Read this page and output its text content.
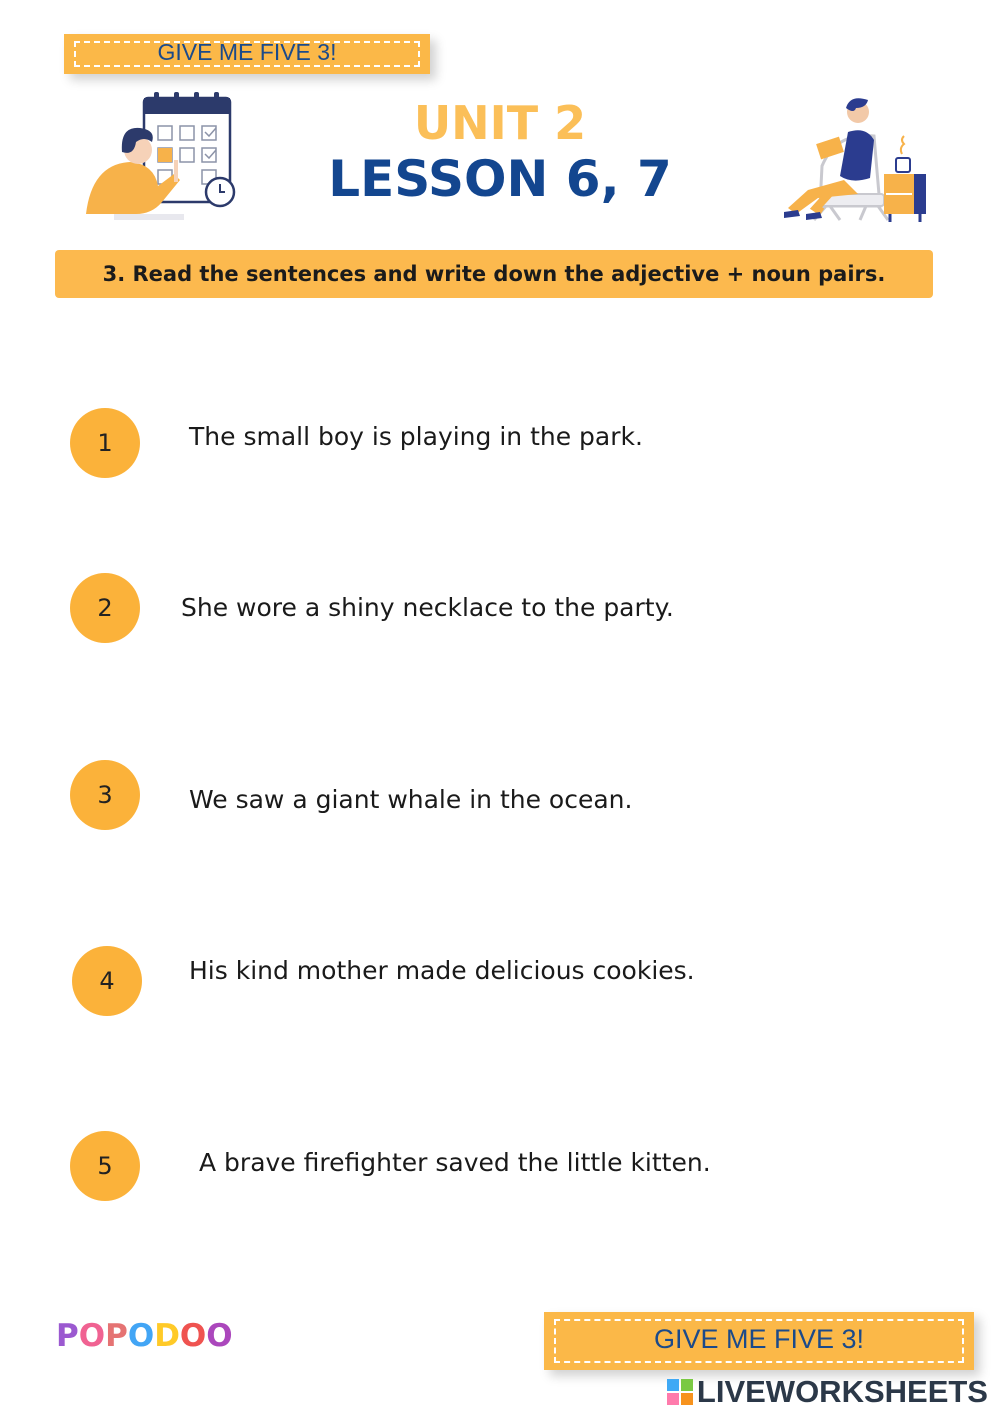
GIVE ME FIVE 3!
UNIT 2
LESSON 6, 7
3. Read the sentences and write down the adjective + noun pairs.
1	The small boy is playing in the park.
2	She wore a shiny necklace to the party.
3	We saw a giant whale in the ocean.
4	His kind mother made delicious cookies.
5	A brave firefighter saved the little kitten.
POPODOO	GIVE ME FIVE 3!
LIVEWORKSHEETS
